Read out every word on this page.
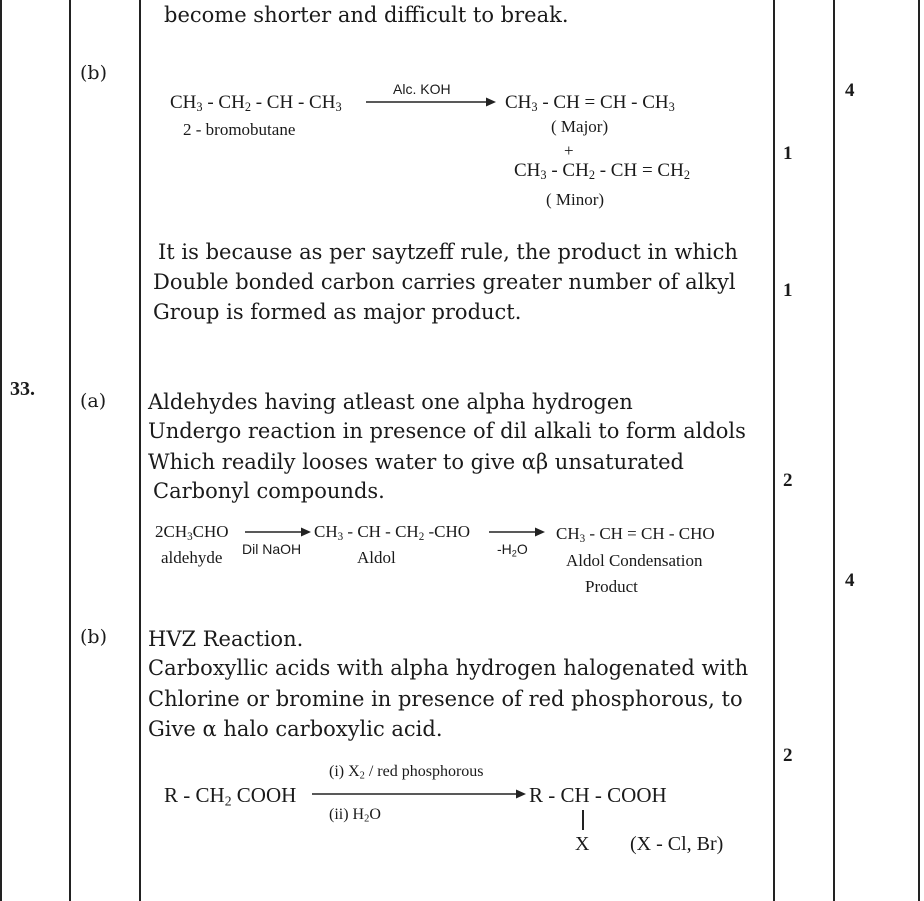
33.
(b)
(a)
(b)
become shorter and difficult to break.
$CH_3 - CH_2$ - CH - $CH_3$
2 - bromobutane
Alc. KOH
$CH_3$ - CH = CH - $CH_3$
( Major)
+
$CH_3 - CH_2$ - CH = $CH_2$
( Minor)
It is because as per saytzeff rule, the product in which
Double bonded carbon carries greater number of alkyl
Group is formed as major product.
Aldehydes having atleast one alpha hydrogen
Undergo reaction in presence of dil alkali to form aldols
Which readily looses water to give αβ unsaturated
Carbonyl compounds.
$2CH_3CHO$
aldehyde Dil NaOH
$CH_3$ - CH - $CH_2$ -CHO
Aldol	$-H_2O$
$CH_3$ - CH = CH - CHO
Aldol Condensation
Product
HVZ Reaction.
Carboxyllic acids with alpha hydrogen halogenated with
Chlorine or bromine in presence of red phosphorous, to
Give α halo carboxylic acid.
R - $CH_2$ COOH
(i) $X_2$ / red phosphorous
(ii) $H_2O$
R - CH - COOH
X (X - Cl, Br)
1
1
2
2
4
4
